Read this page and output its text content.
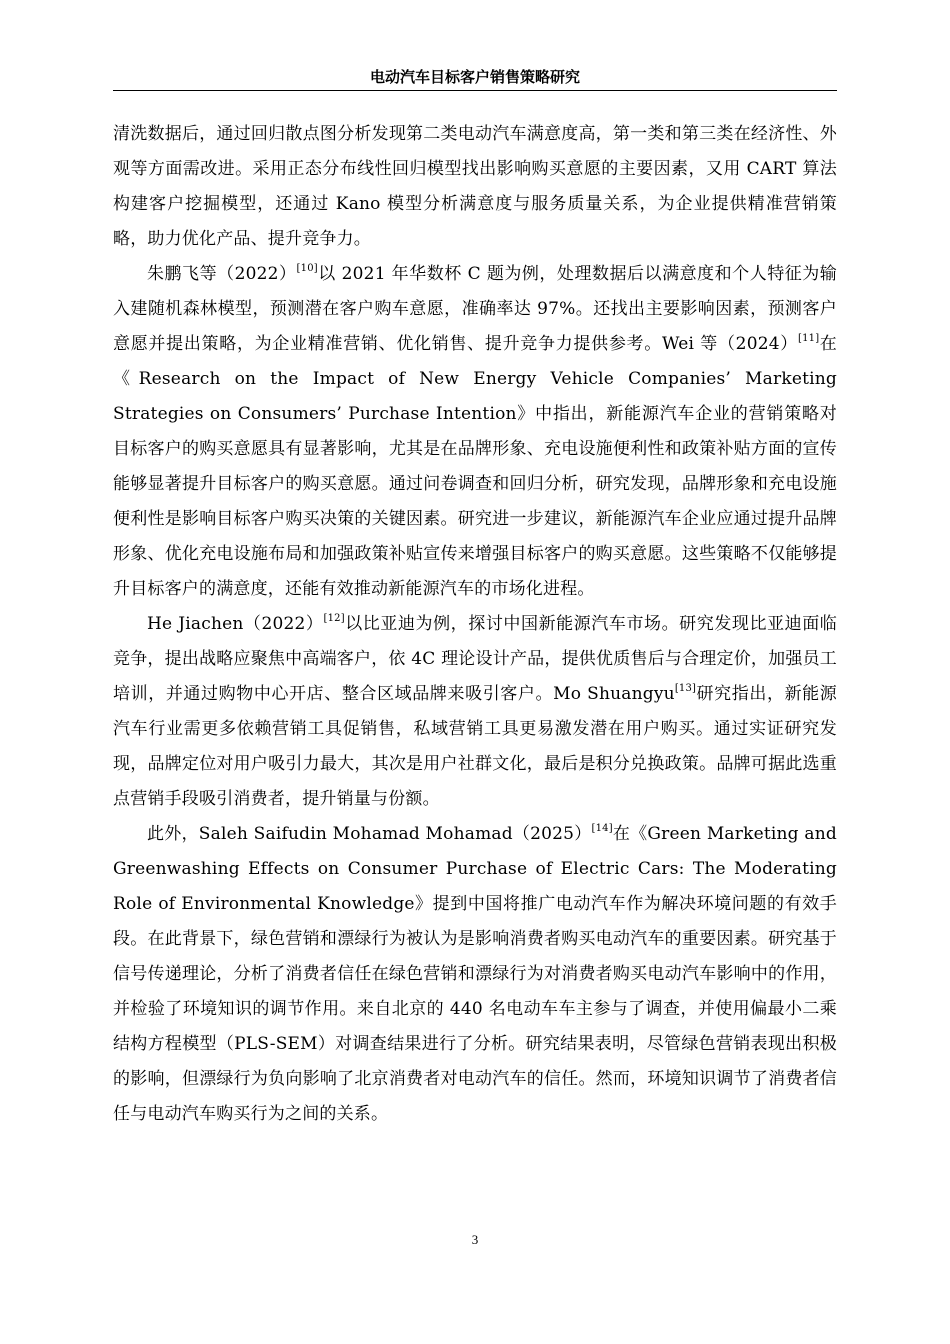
电动汽车目标客户销售策略研究

清洗数据后，通过回归散点图分析发现第二类电动汽车满意度高，第一类和第三类在经济性、外观等方面需改进。采用正态分布线性回归模型找出影响购买意愿的主要因素，又用 CART 算法构建客户挖掘模型，还通过 Kano 模型分析满意度与服务质量关系，为企业提供精准营销策略，助力优化产品、提升竞争力。

朱鹏飞等（2022）[10]以 2021 年华数杯 C 题为例，处理数据后以满意度和个人特征为输入建随机森林模型，预测潜在客户购车意愿，准确率达 97%。还找出主要影响因素，预测客户意愿并提出策略，为企业精准营销、优化销售、提升竞争力提供参考。Wei 等（2024）[11]在《Research on the Impact of New Energy Vehicle Companies’ Marketing Strategies on Consumers’ Purchase Intention》中指出，新能源汽车企业的营销策略对目标客户的购买意愿具有显著影响，尤其是在品牌形象、充电设施便利性和政策补贴方面的宣传能够显著提升目标客户的购买意愿。通过问卷调查和回归分析，研究发现，品牌形象和充电设施便利性是影响目标客户购买决策的关键因素。研究进一步建议，新能源汽车企业应通过提升品牌形象、优化充电设施布局和加强政策补贴宣传来增强目标客户的购买意愿。这些策略不仅能够提升目标客户的满意度，还能有效推动新能源汽车的市场化进程。

He Jiachen（2022）[12]以比亚迪为例，探讨中国新能源汽车市场。研究发现比亚迪面临竞争，提出战略应聚焦中高端客户，依 4C 理论设计产品，提供优质售后与合理定价，加强员工培训，并通过购物中心开店、整合区域品牌来吸引客户。Mo Shuangyu[13]研究指出，新能源汽车行业需更多依赖营销工具促销售，私域营销工具更易激发潜在用户购买。通过实证研究发现，品牌定位对用户吸引力最大，其次是用户社群文化，最后是积分兑换政策。品牌可据此选重点营销手段吸引消费者，提升销量与份额。

此外，Saleh Saifudin Mohamad Mohamad（2025）[14]在《Green Marketing and Greenwashing Effects on Consumer Purchase of Electric Cars: The Moderating Role of Environmental Knowledge》提到中国将推广电动汽车作为解决环境问题的有效手段。在此背景下，绿色营销和漂绿行为被认为是影响消费者购买电动汽车的重要因素。研究基于信号传递理论，分析了消费者信任在绿色营销和漂绿行为对消费者购买电动汽车影响中的作用，并检验了环境知识的调节作用。来自北京的 440 名电动车车主参与了调查，并使用偏最小二乘结构方程模型（PLS-SEM）对调查结果进行了分析。研究结果表明，尽管绿色营销表现出积极的影响，但漂绿行为负向影响了北京消费者对电动汽车的信任。然而，环境知识调节了消费者信任与电动汽车购买行为之间的关系。

3
